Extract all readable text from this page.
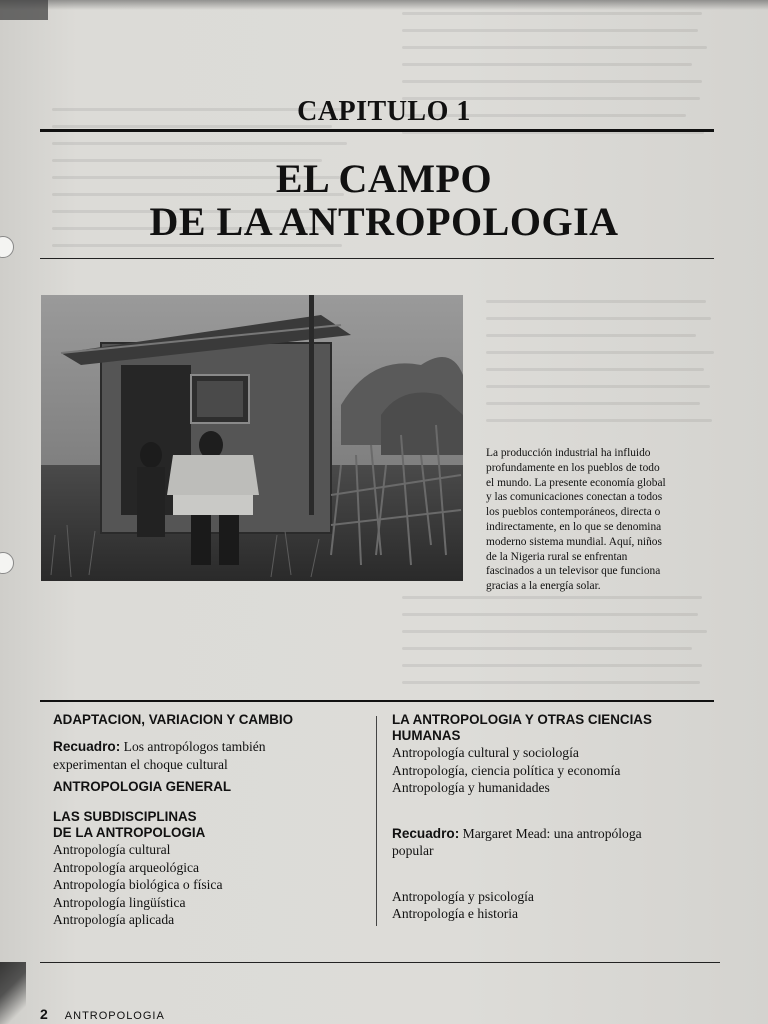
CAPITULO 1
EL CAMPO
DE LA ANTROPOLOGIA
La producción industrial ha influido
profundamente en los pueblos de todo
el mundo. La presente economía global
y las comunicaciones conectan a todos
los pueblos contemporáneos, directa o
indirectamente, en lo que se denomina
moderno sistema mundial. Aquí, niños
de la Nigeria rural se enfrentan
fascinados a un televisor que funciona
gracias a la energía solar.
ADAPTACION, VARIACION Y CAMBIO
Recuadro: Los antropólogos también
experimentan el choque cultural
ANTROPOLOGIA GENERAL
LAS SUBDISCIPLINAS
DE LA ANTROPOLOGIA
Antropología cultural
Antropología arqueológica
Antropología biológica o física
Antropología lingüística
Antropología aplicada
LA ANTROPOLOGIA Y OTRAS CIENCIAS
HUMANAS
Antropología cultural y sociología
Antropología, ciencia política y economía
Antropología y humanidades
Recuadro: Margaret Mead: una antropóloga
popular
Antropología y psicología
Antropología e historia
2 ANTROPOLOGIA
